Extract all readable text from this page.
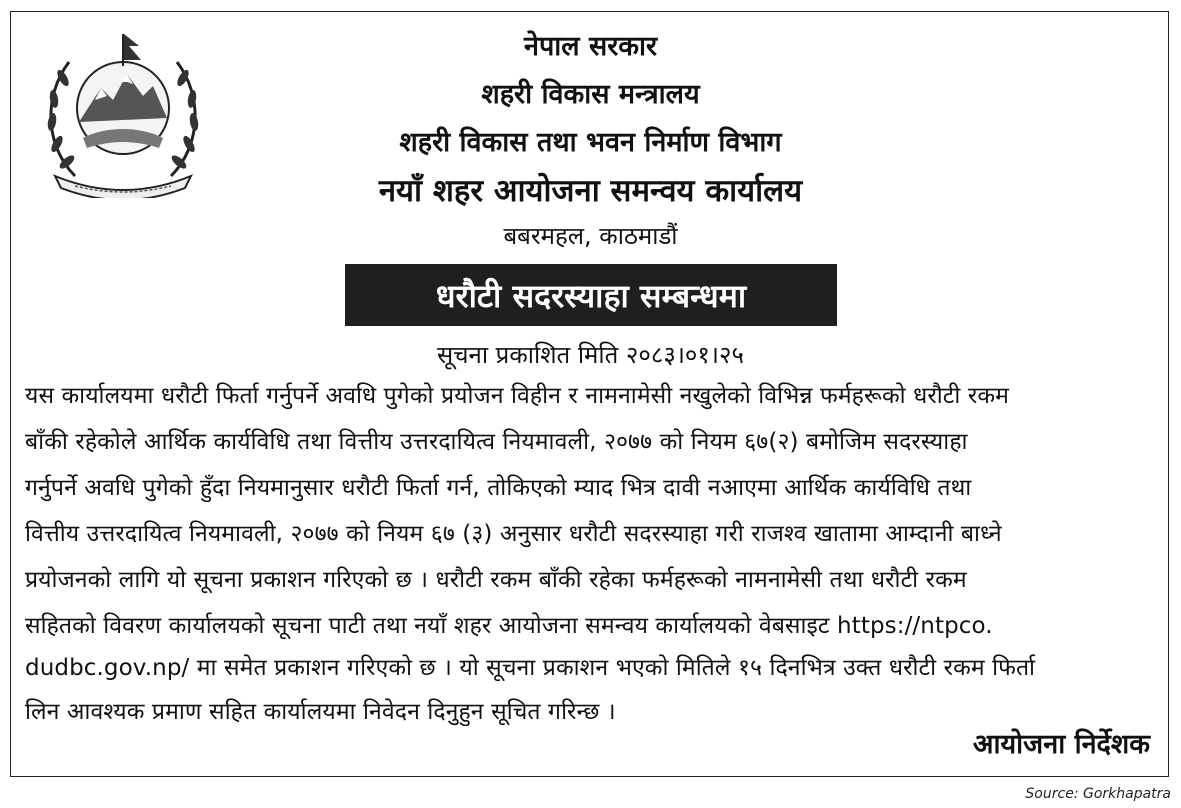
नेपाल सरकार
शहरी विकास मन्त्रालय
शहरी विकास तथा भवन निर्माण विभाग
नयाँ शहर आयोजना समन्वय कार्यालय
बबरमहल, काठमाडौं
धरौटी सदरस्याहा सम्बन्धमा
सूचना प्रकाशित मिति २०८३।०१।२५
यस कार्यालयमा धरौटी फिर्ता गर्नुपर्ने अवधि पुगेको प्रयोजन विहीन र नामनामेसी नखुलेको विभिन्न फर्महरूको धरौटी रकम
बाँकी रहेकोले आर्थिक कार्यविधि तथा वित्तीय उत्तरदायित्व नियमावली, २०७७ को नियम ६७(२) बमोजिम सदरस्याहा
गर्नुपर्ने अवधि पुगेको हुँदा नियमानुसार धरौटी फिर्ता गर्न, तोकिएको म्याद भित्र दावी नआएमा आर्थिक कार्यविधि तथा
वित्तीय उत्तरदायित्व नियमावली, २०७७ को नियम ६७ (३) अनुसार धरौटी सदरस्याहा गरी राजश्व खातामा आम्दानी बाध्ने
प्रयोजनको लागि यो सूचना प्रकाशन गरिएको छ । धरौटी रकम बाँकी रहेका फर्महरूको नामनामेसी तथा धरौटी रकम
सहितको विवरण कार्यालयको सूचना पाटी तथा नयाँ शहर आयोजना समन्वय कार्यालयको वेबसाइट https://ntpco.
dudbc.gov.np/ मा समेत प्रकाशन गरिएको छ । यो सूचना प्रकाशन भएको मितिले १५ दिनभित्र उक्त धरौटी रकम फिर्ता
लिन आवश्यक प्रमाण सहित कार्यालयमा निवेदन दिनुहुन सूचित गरिन्छ ।
आयोजना निर्देशक
Source: Gorkhapatra
